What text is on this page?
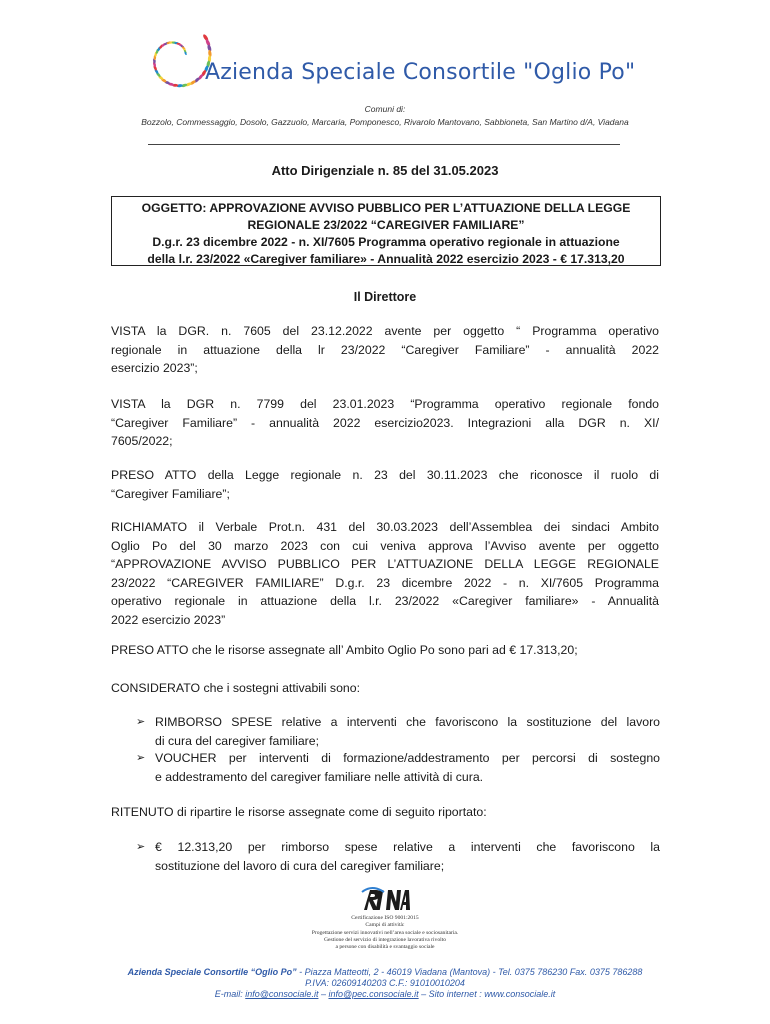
Azienda Speciale Consortile "Oglio Po"
Comuni di:
Bozzolo, Commessaggio, Dosolo, Gazzuolo, Marcaria, Pomponesco, Rivarolo Mantovano, Sabbioneta, San Martino d/A, Viadana
Atto Dirigenziale n. 85 del 31.05.2023
OGGETTO: APPROVAZIONE AVVISO PUBBLICO PER L’ATTUAZIONE DELLA LEGGE
REGIONALE 23/2022 “CAREGIVER FAMILIARE”
D.g.r. 23 dicembre 2022 - n. XI/7605 Programma operativo regionale in attuazione
della l.r. 23/2022 «Caregiver familiare» - Annualità 2022 esercizio 2023 - € 17.313,20
Il Direttore
VISTA la DGR. n. 7605 del 23.12.2022 avente per oggetto “ Programma operativo
regionale in attuazione della lr 23/2022 “Caregiver Familiare” - annualità 2022
esercizio 2023”;
VISTA la DGR n. 7799 del 23.01.2023 “Programma operativo regionale fondo
“Caregiver Familiare” - annualità 2022 esercizio2023. Integrazioni alla DGR n. XI/
7605/2022;
PRESO ATTO della Legge regionale n. 23 del 30.11.2023 che riconosce il ruolo di
“Caregiver Familiare”;
RICHIAMATO il Verbale Prot.n. 431 del 30.03.2023 dell’Assemblea dei sindaci Ambito
Oglio Po del 30 marzo 2023 con cui veniva approva l’Avviso avente per oggetto
“APPROVAZIONE AVVISO PUBBLICO PER L’ATTUAZIONE DELLA LEGGE REGIONALE
23/2022 “CAREGIVER FAMILIARE” D.g.r. 23 dicembre 2022 - n. XI/7605 Programma
operativo regionale in attuazione della l.r. 23/2022 «Caregiver familiare» - Annualità
2022 esercizio 2023”
PRESO ATTO che le risorse assegnate all’ Ambito Oglio Po sono pari ad € 17.313,20;
CONSIDERATO che i sostegni attivabili sono:
➢ RIMBORSO SPESE relative a interventi che favoriscono la sostituzione del lavoro
di cura del caregiver familiare;
➢ VOUCHER per interventi di formazione/addestramento per percorsi di sostegno
e addestramento del caregiver familiare nelle attività di cura.
RITENUTO di ripartire le risorse assegnate come di seguito riportato:
➢ € 12.313,20 per rimborso spese relative a interventi che favoriscono la
sostituzione del lavoro di cura del caregiver familiare;
Certificazione ISO 9001:2015
Campi di attività:
Progettazione servizi innovativi nell’area sociale e sociosanitaria.
Gestione del servizio di integrazione lavorativa rivolto
a persone con disabilità e svantaggio sociale
Azienda Speciale Consortile “Oglio Po” - Piazza Matteotti, 2 - 46019 Viadana (Mantova) - Tel. 0375 786230 Fax. 0375 786288
P.IVA: 02609140203 C.F.: 91010010204
E-mail: info@consociale.it – info@pec.consociale.it – Sito internet : www.consociale.it
